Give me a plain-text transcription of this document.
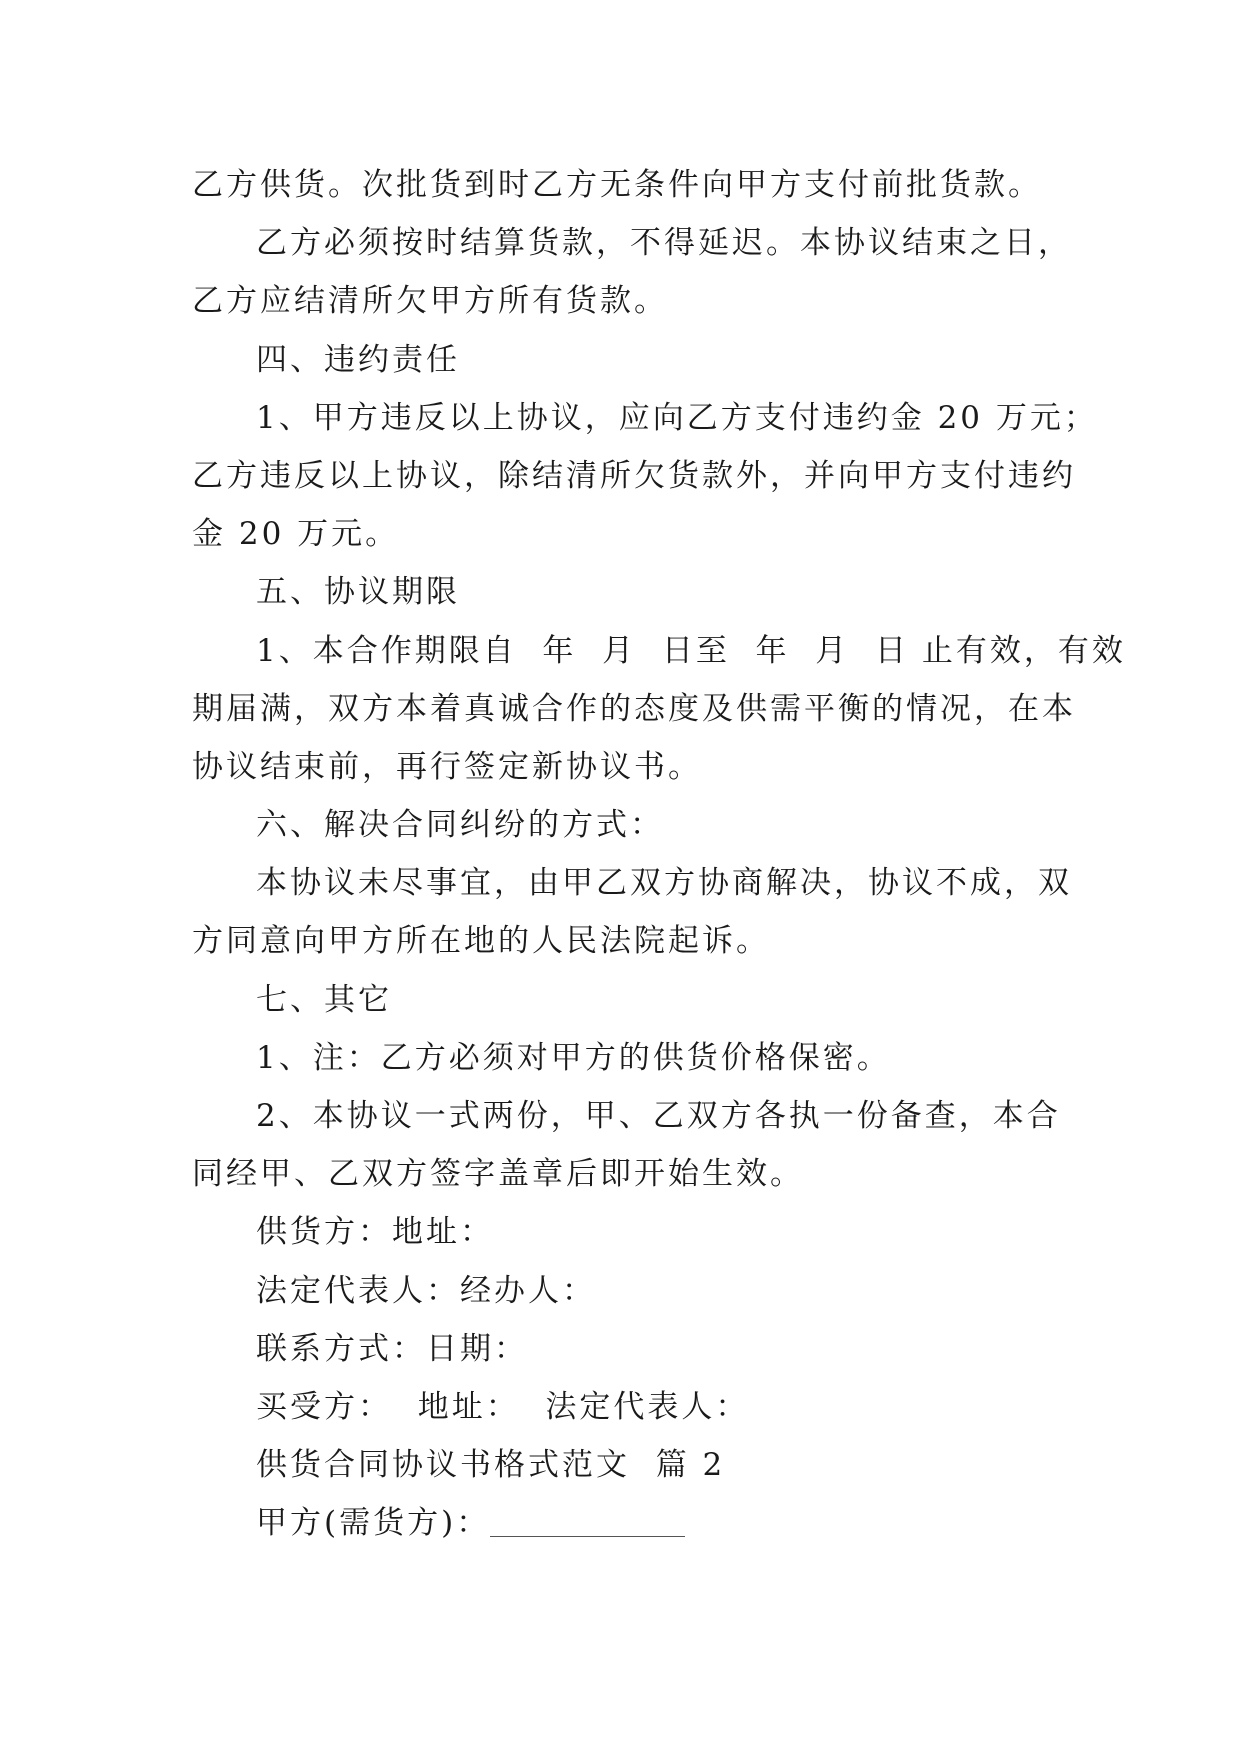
乙方供货。次批货到时乙方无条件向甲方支付前批货款。
乙方必须按时结算货款，不得延迟。本协议结束之日，
乙方应结清所欠甲方所有货款。
四、违约责任
1、甲方违反以上协议，应向乙方支付违约金 20 万元；
乙方违反以上协议，除结清所欠货款外，并向甲方支付违约
金 20 万元。
五、协议期限
1、本合作期限自  年  月  日至  年  月  日 止有效，有效
期届满，双方本着真诚合作的态度及供需平衡的情况，在本
协议结束前，再行签定新协议书。
六、解决合同纠纷的方式：
本协议未尽事宜，由甲乙双方协商解决，协议不成，双
方同意向甲方所在地的人民法院起诉。
七、其它
1、注：乙方必须对甲方的供货价格保密。
2、本协议一式两份，甲、乙双方各执一份备查，本合
同经甲、乙双方签字盖章后即开始生效。
供货方：地址：
法定代表人：经办人：
联系方式：日期：
买受方：  地址：  法定代表人：
供货合同协议书格式范文  篇 2
甲方(需货方)：
